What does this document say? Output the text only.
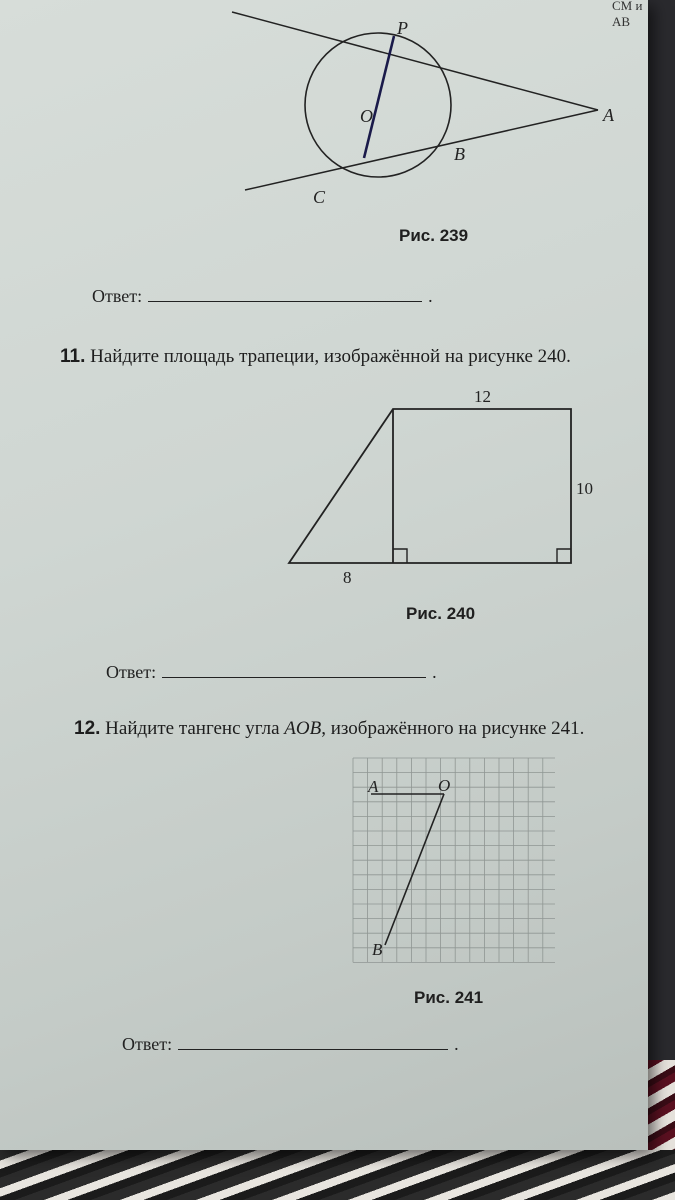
СМ и АВ
P
O	A
B
C
Рис. 239
Ответ:	.
11. Найдите площадь трапеции, изображённой на рисунке 240.
12
10
8
Рис. 240
Ответ:	.
12. Найдите тангенс угла AOB, изображённого на рисунке 241.
A	O
B
Рис. 241
Ответ:	.
